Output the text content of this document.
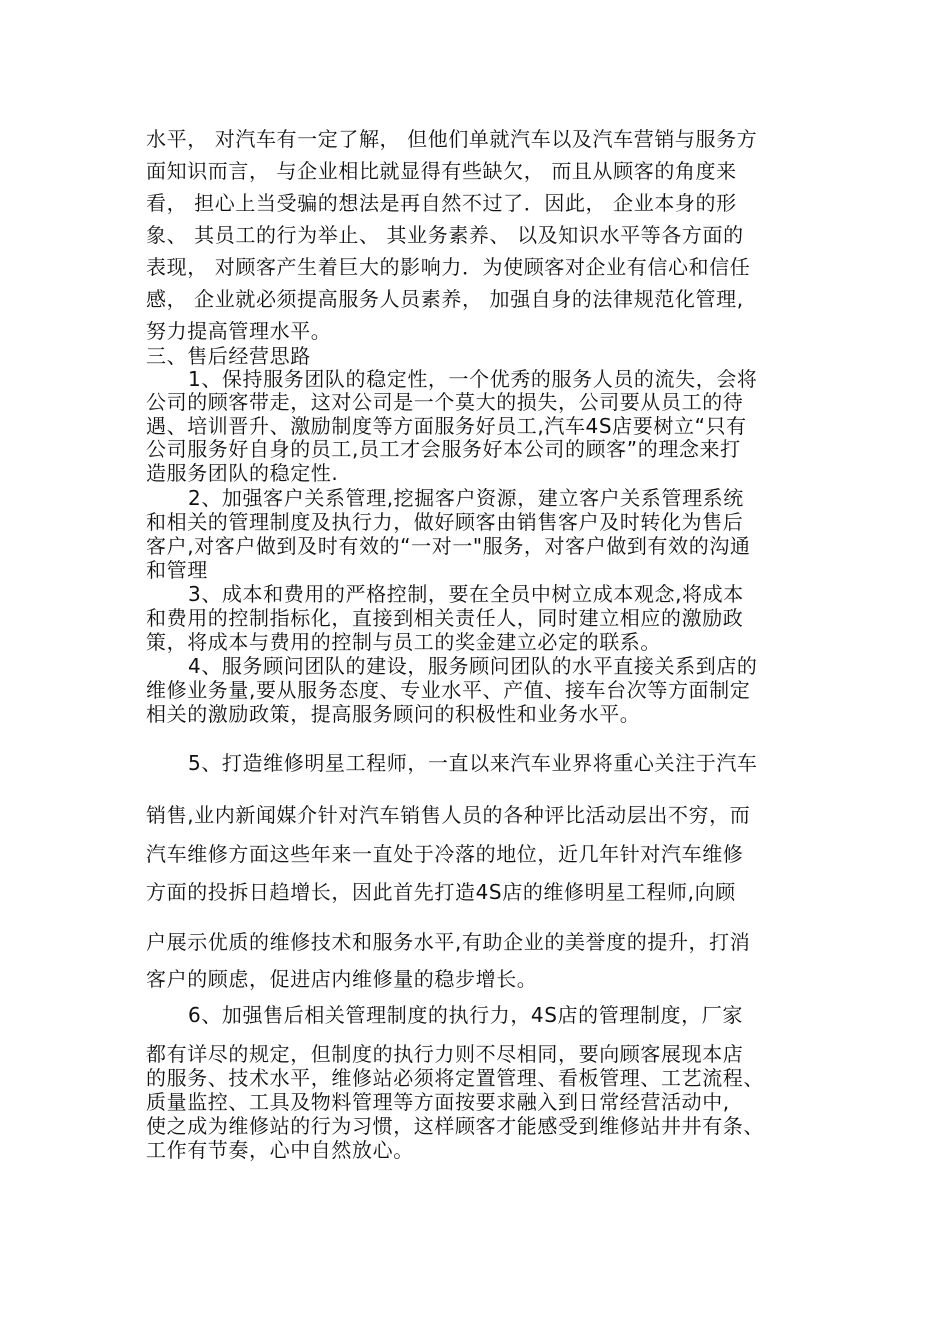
水平， 对汽车有一定了解， 但他们单就汽车以及汽车营销与服务方
面知识而言， 与企业相比就显得有些缺欠， 而且从顾客的角度来
看， 担心上当受骗的想法是再自然不过了．因此， 企业本身的形
象、 其员工的行为举止、 其业务素养、 以及知识水平等各方面的
表现， 对顾客产生着巨大的影响力．为使顾客对企业有信心和信任
感， 企业就必须提高服务人员素养， 加强自身的法律规范化管理,
努力提高管理水平。
三、售后经营思路
1、保持服务团队的稳定性，一个优秀的服务人员的流失，会将
公司的顾客带走，这对公司是一个莫大的损失，公司要从员工的待
遇、培训晋升、激励制度等方面服务好员工,汽车4S店要树立“只有
公司服务好自身的员工,员工才会服务好本公司的顾客”的理念来打
造服务团队的稳定性.
2、加强客户关系管理,挖掘客户资源，建立客户关系管理系统
和相关的管理制度及执行力，做好顾客由销售客户及时转化为售后
客户,对客户做到及时有效的“一对一"服务，对客户做到有效的沟通
和管理
3、成本和费用的严格控制，要在全员中树立成本观念,将成本
和费用的控制指标化，直接到相关责任人，同时建立相应的激励政
策，将成本与费用的控制与员工的奖金建立必定的联系。
4、服务顾问团队的建设，服务顾问团队的水平直接关系到店的
维修业务量,要从服务态度、专业水平、产值、接车台次等方面制定
相关的激励政策，提高服务顾问的积极性和业务水平。
5、打造维修明星工程师，一直以来汽车业界将重心关注于汽车
销售,业内新闻媒介针对汽车销售人员的各种评比活动层出不穷，而
汽车维修方面这些年来一直处于冷落的地位，近几年针对汽车维修
方面的投拆日趋增长，因此首先打造4S店的维修明星工程师,向顾
户展示优质的维修技术和服务水平,有助企业的美誉度的提升，打消
客户的顾虑，促进店内维修量的稳步增长。
6、加强售后相关管理制度的执行力，4S店的管理制度，厂家
都有详尽的规定，但制度的执行力则不尽相同，要向顾客展现本店
的服务、技术水平，维修站必须将定置管理、看板管理、工艺流程、
质量监控、工具及物料管理等方面按要求融入到日常经营活动中,
使之成为维修站的行为习惯，这样顾客才能感受到维修站井井有条、
工作有节奏，心中自然放心。
